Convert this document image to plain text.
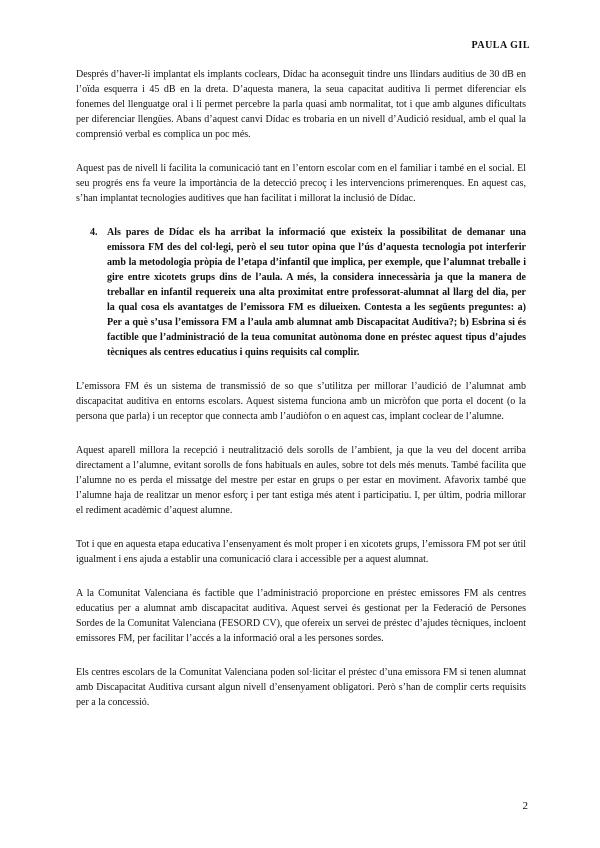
PAULA GIL

Després d’haver-li implantat els implants coclears, Dídac ha aconseguit tindre uns llindars auditius de 30 dB en l’oïda esquerra i 45 dB en la dreta. D’aquesta manera, la seua capacitat auditiva li permet diferenciar els fonemes del llenguatge oral i li permet percebre la parla quasi amb normalitat, tot i que amb algunes dificultats per diferenciar llengües. Abans d’aquest canvi Dídac es trobaria en un nivell d’Audició residual, amb el qual la comprensió verbal es complica un poc més.

Aquest pas de nivell li facilita la comunicació tant en l’entorn escolar com en el familiar i també en el social. El seu progrés ens fa veure la importància de la detecció precoç i les intervencions primerenques. En aquest cas, s’han implantat tecnologies auditives que han facilitat i millorat la inclusió de Dídac.

4. Als pares de Dídac els ha arribat la informació que existeix la possibilitat de demanar una emissora FM des del col·legi, però el seu tutor opina que l’ús d’aquesta tecnologia pot interferir amb la metodologia pròpia de l’etapa d’infantil que implica, per exemple, que l’alumnat treballe i gire entre xicotets grups dins de l’aula. A més, la considera innecessària ja que la manera de treballar en infantil requereix una alta proximitat entre professorat-alumnat al llarg del dia, per la qual cosa els avantatges de l’emissora FM es dilueixen. Contesta a les següents preguntes: a) Per a què s’usa l’emissora FM a l’aula amb alumnat amb Discapacitat Auditiva?; b) Esbrina si és factible que l’administració de la teua comunitat autònoma done en préstec aquest tipus d’ajudes tècniques als centres educatius i quins requisits cal complir.

L’emissora FM és un sistema de transmissió de so que s’utilitza per millorar l’audició de l’alumnat amb discapacitat auditiva en entorns escolars. Aquest sistema funciona amb un micròfon que porta el docent (o la persona que parla) i un receptor que connecta amb l’audiòfon o en aquest cas, implant coclear de l’alumne.

Aquest aparell millora la recepció i neutralització dels sorolls de l’ambient, ja que la veu del docent arriba directament a l’alumne, evitant sorolls de fons habituals en aules, sobre tot dels més menuts. També facilita que l’alumne no es perda el missatge del mestre per estar en grups o per estar en moviment. Afavorix també que l’alumne haja de realitzar un menor esforç i per tant estiga més atent i participatiu. I, per últim, podria millorar el rediment acadèmic d’aquest alumne.

Tot i que en aquesta etapa educativa l’ensenyament és molt proper i en xicotets grups, l’emissora FM pot ser útil igualment i ens ajuda a establir una comunicació clara i accessible per a aquest alumnat.

A la Comunitat Valenciana és factible que l’administració proporcione en préstec emissores FM als centres educatius per a alumnat amb discapacitat auditiva. Aquest servei és gestionat per la Federació de Persones Sordes de la Comunitat Valenciana (FESORD CV), que ofereix un servei de préstec d’ajudes tècniques, incloent emissores FM, per facilitar l’accés a la informació oral a les persones sordes.

Els centres escolars de la Comunitat Valenciana poden sol·licitar el préstec d’una emissora FM si tenen alumnat amb Discapacitat Auditiva cursant algun nivell d’ensenyament obligatori. Però s’han de complir certs requisits per a la concessió.

2
